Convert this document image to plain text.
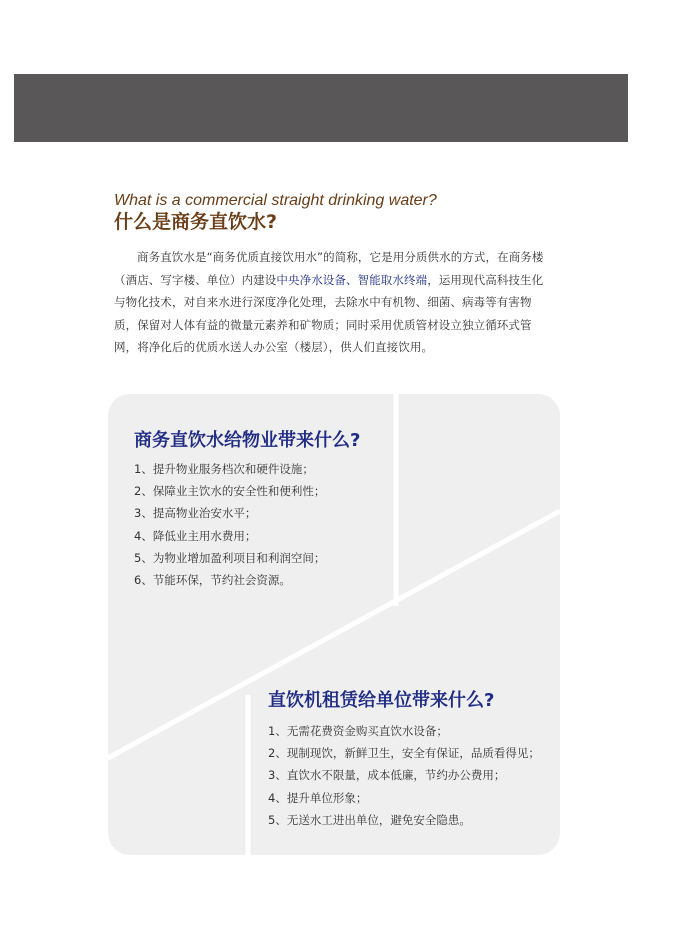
What is a commercial straight drinking water?

什么是商务直饮水?

商务直饮水是“商务优质直接饮用水”的简称，它是用分质供水的方式，在商务楼（酒店、写字楼、单位）内建设中央净水设备、智能取水终端，运用现代高科技生化与物化技术，对自来水进行深度净化处理，去除水中有机物、细菌、病毒等有害物质，保留对人体有益的微量元素养和矿物质；同时采用优质管材设立独立循环式管网，将净化后的优质水送人办公室（楼层），供人们直接饮用。

商务直饮水给物业带来什么?

1、提升物业服务档次和硬件设施；
2、保障业主饮水的安全性和便利性；
3、提高物业治安水平；
4、降低业主用水费用；
5、为物业增加盈利项目和利润空间；
6、节能环保，节约社会资源。

直饮机租赁给单位带来什么?

1、无需花费资金购买直饮水设备；
2、现制现饮，新鲜卫生，安全有保证，品质看得见；
3、直饮水不限量，成本低廉，节约办公费用；
4、提升单位形象；
5、无送水工进出单位，避免安全隐患。
